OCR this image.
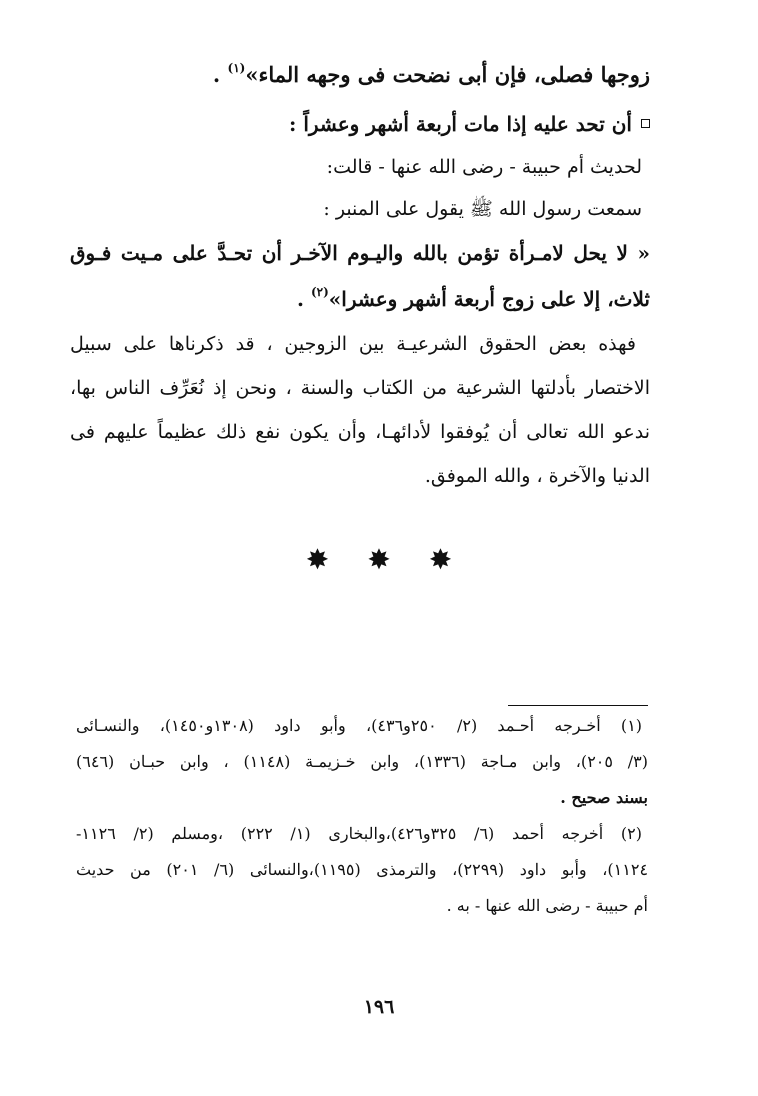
زوجها فصلى، فإن أبى نضحت فى وجهه الماء»$^{(١)}$ .
أن تحد عليه إذا مات أربعة أشهر وعشراً :
لحديث أم حبيبة - رضى الله عنها - قالت:
سمعت رسول الله ﷺ يقول على المنبر :
« لا يحل لامـرأة تؤمن بالله واليـوم الآخـر أن تحـدَّ على مـيت فـوق
ثلاث، إلا على زوج أربعة أشهر وعشرا»$^{(٢)}$ .
فهذه بعض الحقوق الشرعيـة بين الزوجين ، قد ذكرناها على سبيل
الاختصار بأدلتها الشرعية من الكتاب والسنة ، ونحن إذ نُعَرِّف الناس بها،
ندعو الله تعالى أن يُوفقوا لأدائهـا، وأن يكون نفع ذلك عظيماً عليهم فى
الدنيا والآخرة ، والله الموفق.
✸ ✸ ✸
(١) أخـرجه أحـمد (٢/ ٢٥٠و٤٣٦)، وأبو داود (١٣٠٨و١٤٥٠)، والنسـائى
(٣/ ٢٠٥)، وابن مـاجة (١٣٣٦)، وابن خـزيمـة (١١٤٨) ، وابن حبـان (٦٤٦)
بسند صحيح .
(٢) أخرجه أحمد (٦/ ٣٢٥و٤٢٦)،والبخارى (١/ ٢٢٢) ،ومسلم (٢/ ١١٢٦-
١١٢٤)، وأبو داود (٢٢٩٩)، والترمذى (١١٩٥)،والنسائى (٦/ ٢٠١) من حديث
أم حبيبة - رضى الله عنها - به .
١٩٦
